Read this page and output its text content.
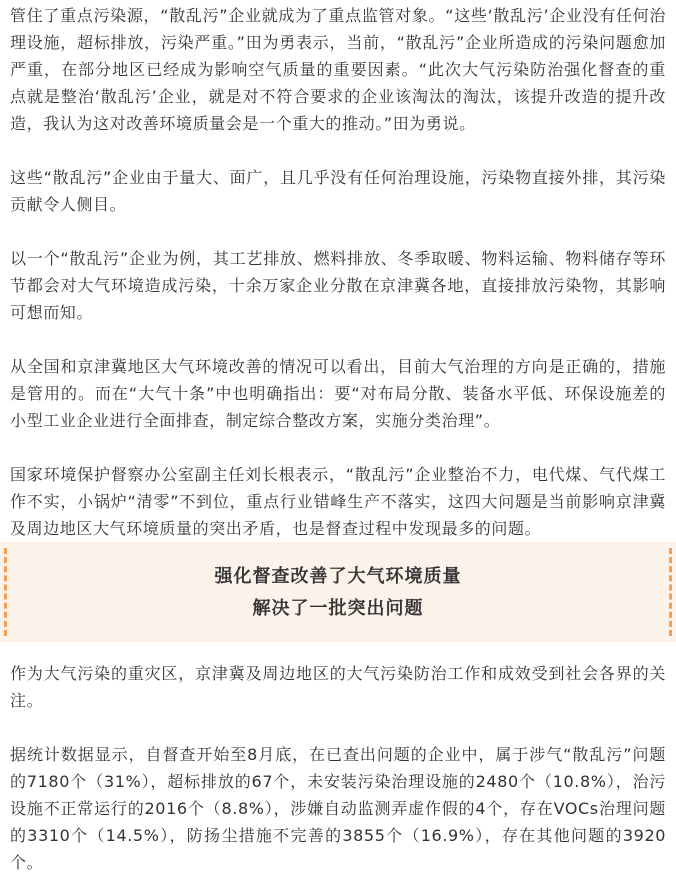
管住了重点污染源，“散乱污”企业就成为了重点监管对象。“这些‘散乱污’企业没有任何治理设施，超标排放，污染严重。”田为勇表示，当前，“散乱污”企业所造成的污染问题愈加严重，在部分地区已经成为影响空气质量的重要因素。“此次大气污染防治强化督查的重点就是整治‘散乱污’企业，就是对不符合要求的企业该淘汰的淘汰，该提升改造的提升改造，我认为这对改善环境质量会是一个重大的推动。”田为勇说。

这些“散乱污”企业由于量大、面广，且几乎没有任何治理设施，污染物直接外排，其污染贡献令人侧目。

以一个“散乱污”企业为例，其工艺排放、燃料排放、冬季取暖、物料运输、物料储存等环节都会对大气环境造成污染，十余万家企业分散在京津冀各地，直接排放污染物，其影响可想而知。

从全国和京津冀地区大气环境改善的情况可以看出，目前大气治理的方向是正确的，措施是管用的。而在“大气十条”中也明确指出：要“对布局分散、装备水平低、环保设施差的小型工业企业进行全面排查，制定综合整改方案，实施分类治理”。

国家环境保护督察办公室副主任刘长根表示，“散乱污”企业整治不力，电代煤、气代煤工作不实，小锅炉“清零”不到位，重点行业错峰生产不落实，这四大问题是当前影响京津冀及周边地区大气环境质量的突出矛盾，也是督查过程中发现最多的问题。

强化督查改善了大气环境质量
解决了一批突出问题

作为大气污染的重灾区，京津冀及周边地区的大气污染防治工作和成效受到社会各界的关注。

据统计数据显示，自督查开始至8月底，在已查出问题的企业中，属于涉气“散乱污”问题的7180个（31%），超标排放的67个，未安装污染治理设施的2480个（10.8%），治污设施不正常运行的2016个（8.8%），涉嫌自动监测弄虚作假的4个，存在VOCs治理问题的3310个（14.5%），防扬尘措施不完善的3855个（16.9%），存在其他问题的3920个。
